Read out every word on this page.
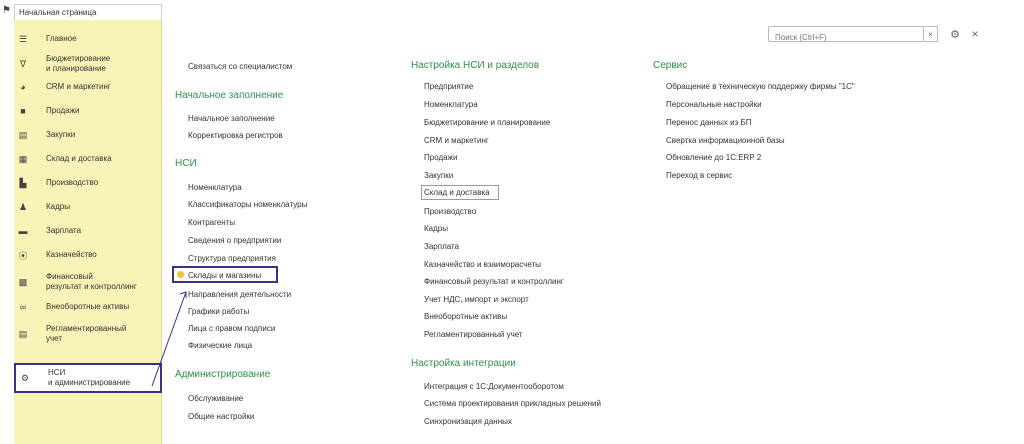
⚑ Начальная страница
Поиск (Ctrl+F)
× ⚙ ×
☰ Главное
∇ Бюджетирование
и планирование
◕	CRM и маркетинг
■	Продажи
▤ Закупки
▦ Склад и доставка
▙ Производство
♟ Кадры
▬ Зарплата
⦿ Казначейство
▩ Финансовый
результат и контроллинг
∞ Внеоборотные активы
▤ Регламентированный
учет
⚙ НСИ
и администрирование
Связаться со специалистом
Начальное заполнение
Начальное заполнение
Корректировка регистров
НСИ
Номенклатура
Классификаторы номенклатуры
Контрагенты
Сведения о предприятии
Структура предприятия
Склады и магазины
Направления деятельности
Графики работы
Лица с правом подписи
Физические лица
Администрирование
Обслуживание
Общие настройки
Настройка НСИ и разделов
Предприятие
Номенклатура
Бюджетирование и планирование
CRM и маркетинг
Продажи
Закупки
Склад и доставка
Производство
Кадры
Зарплата
Казначейство и взаиморасчеты
Финансовый результат и контроллинг
Учет НДС, импорт и экспорт
Внеоборотные активы
Регламентированный учет
Настройка интеграции
Интеграция с 1С:Документооборотом
Система проектирования прикладных решений
Синхронизация данных
Сервис
Обращение в техническую поддержку фирмы "1С"
Персональные настройки
Перенос данных из БП
Свертка информационной базы
Обновление до 1С:ERP 2
Переход в сервис
